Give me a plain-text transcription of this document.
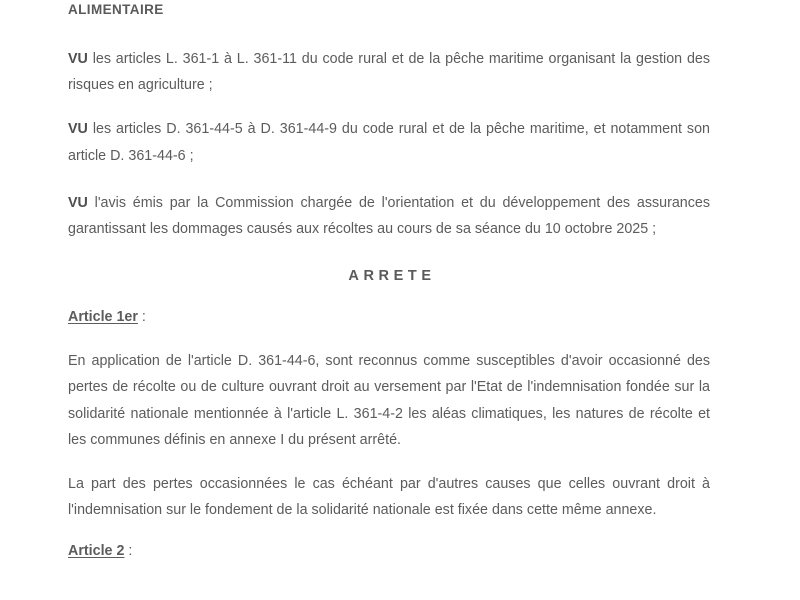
ALIMENTAIRE

VU les articles L. 361-1 à L. 361-11 du code rural et de la pêche maritime organisant la gestion des risques en agriculture ;

VU les articles D. 361-44-5 à D. 361-44-9 du code rural et de la pêche maritime, et notamment son article D. 361-44-6 ;

VU l'avis émis par la Commission chargée de l'orientation et du développement des assurances garantissant les dommages causés aux récoltes au cours de sa séance du 10 octobre 2025 ;

ARRETE

Article 1er :

En application de l'article D. 361-44-6, sont reconnus comme susceptibles d'avoir occasionné des pertes de récolte ou de culture ouvrant droit au versement par l'Etat de l'indemnisation fondée sur la solidarité nationale mentionnée à l'article L. 361-4-2 les aléas climatiques, les natures de récolte et les communes définis en annexe I du présent arrêté.

La part des pertes occasionnées le cas échéant par d'autres causes que celles ouvrant droit à l'indemnisation sur le fondement de la solidarité nationale est fixée dans cette même annexe.

Article 2 :
